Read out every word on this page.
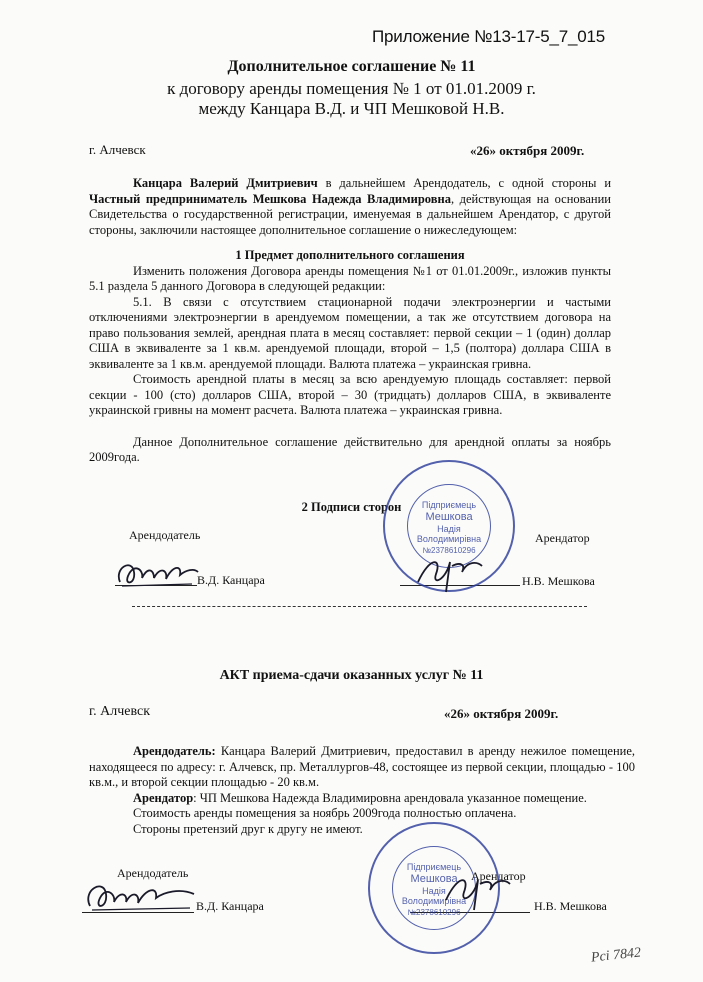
Приложение №13-17-5_7_015
Дополнительное соглашение № 11
к договору аренды помещения № 1 от 01.01.2009 г.
между Канцара В.Д. и ЧП Мешковой Н.В.
г. Алчевск	«26» октября 2009г.

Канцара Валерий Дмитриевич в дальнейшем Арендодатель, с одной стороны и Частный предприниматель Мешкова Надежда Владимировна, действующая на основании Свидетельства о государственной регистрации, именуемая в дальнейшем Арендатор, с другой стороны, заключили настоящее дополнительное соглашение о нижеследующем:

1 Предмет дополнительного соглашения

Изменить положения Договора аренды помещения №1 от 01.01.2009г., изложив пункты 5.1 раздела 5 данного Договора в следующей редакции:

5.1. В связи с отсутствием стационарной подачи электроэнергии и частыми отключениями электроэнергии в арендуемом помещении, а так же отсутствием договора на право пользования землей, арендная плата в месяц составляет: первой секции – 1 (один) доллар США в эквиваленте за 1 кв.м. арендуемой площади, второй – 1,5 (полтора) доллара США в эквиваленте за 1 кв.м. арендуемой площади. Валюта платежа – украинская гривна.

Стоимость арендной платы в месяц за всю арендуемую площадь составляет: первой секции - 100 (сто) долларов США, второй – 30 (тридцать) долларов США, в эквиваленте украинской гривны на момент расчета. Валюта платежа – украинская гривна.

Данное Дополнительное соглашение действительно для арендной оплаты за ноябрь 2009года.

2 Подписи сторон
Арендодатель	Арендатор
В.Д. Канцара	Н.В. Мешкова
Підприємець
Мешкова
Надія
Володимирівна
№2378610296
АКТ приема-сдачи оказанных услуг № 11
г. Алчевск	«26» октября 2009г.

Арендодатель: Канцара Валерий Дмитриевич, предоставил в аренду нежилое помещение, находящееся по адресу: г. Алчевск, пр. Металлургов-48, состоящее из первой секции, площадью - 100 кв.м., и второй секции площадью - 20 кв.м.

Арендатор: ЧП Мешкова Надежда Владимировна арендовала указанное помещение.

Стоимость аренды помещения за ноябрь 2009года полностью оплачена.

Стороны претензий друг к другу не имеют.

Арендодатель	Арендатор
В.Д. Канцара	Н.В. Мешкова
Підприємець
Мешкова
Надія
Володимирівна
№2378610296
Рсі 7842
